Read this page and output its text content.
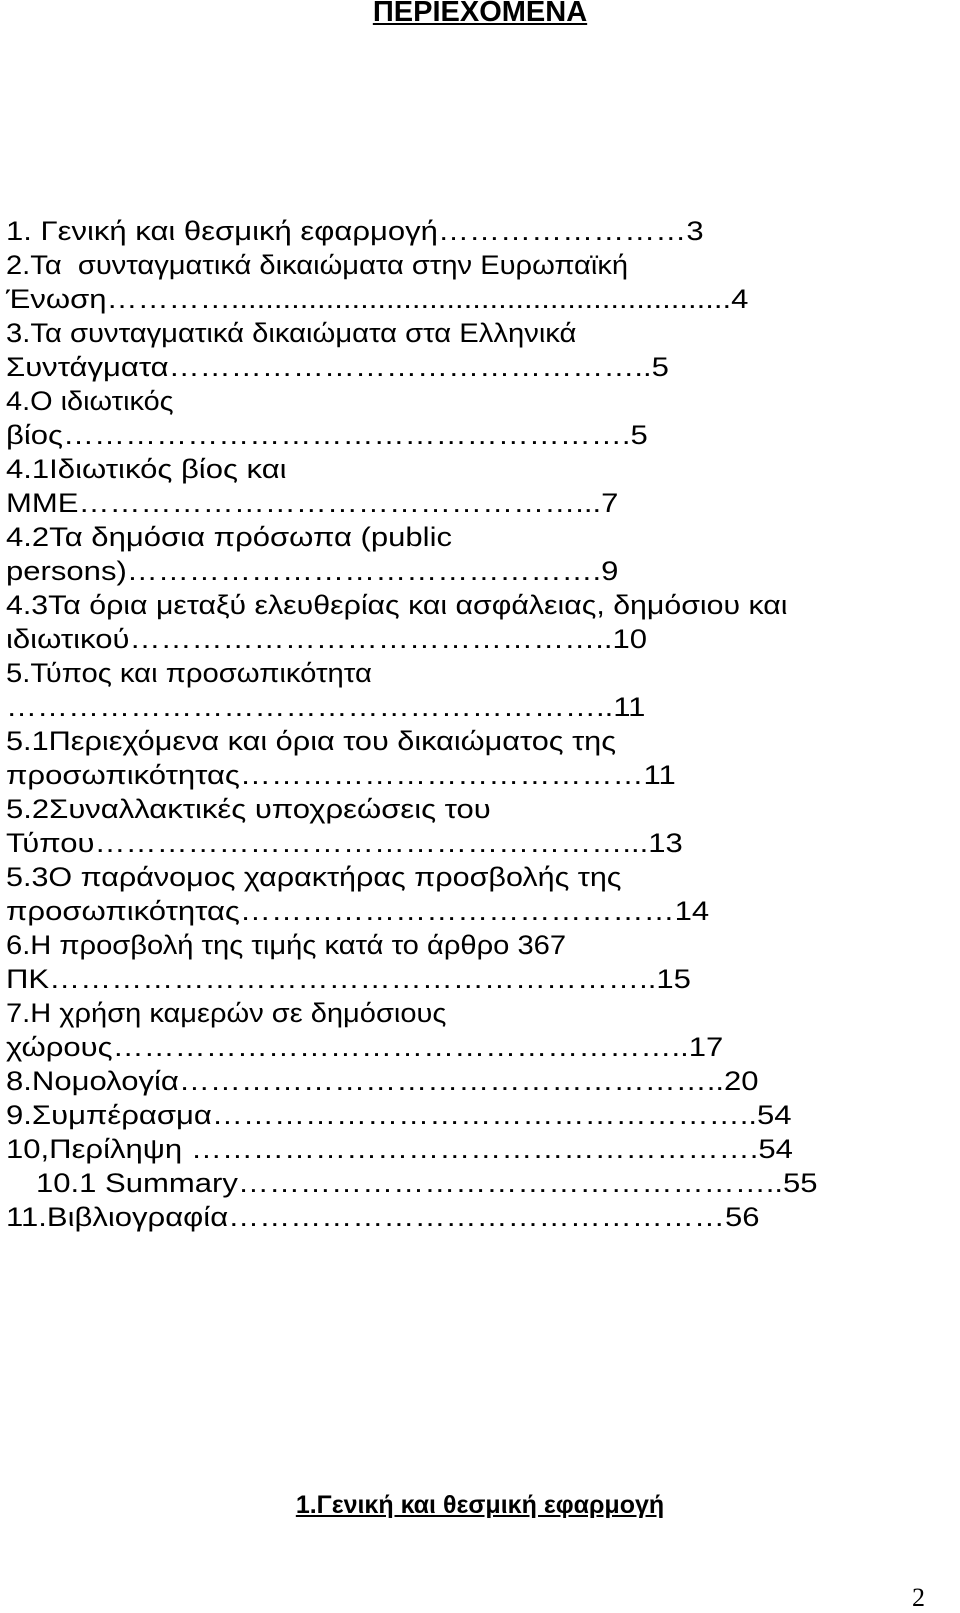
ΠΕΡΙΕΧΟΜΕΝΑ

1. Γενική και θεσμική εφαρμογή……………………3

2.Τα  συνταγματικά δικαιώματα στην Ευρωπαϊκή

Ένωση…………..........................................................4

3.Τα συνταγματικά δικαιώματα στα Ελληνικά

Συντάγματα………………………………………..5

4.Ο ιδιωτικός

βίος……………………………………………….5

4.1Ιδιωτικός βίος και

ΜΜΕ…………………………………………...7

4.2Τα δημόσια πρόσωπα (public

persons)……………………………………….9

4.3Τα όρια μεταξύ ελευθερίας και ασφάλειας, δημόσιου και

ιδιωτικού………………………………………..10

5.Τύπος και προσωπικότητα

…………………………………………………..11

5.1Περιεχόμενα και όρια του δικαιώματος της

προσωπικότητας…………………………………11

5.2Συναλλακτικές υποχρεώσεις του

Τύπου……………………………………………...13

5.3Ο παράνομος χαρακτήρας προσβολής της

προσωπικότητας……………………………………14

6.Η προσβολή της τιμής κατά το άρθρο 367

ΠΚ…………………………………………………..15

7.Η χρήση καμερών σε δημόσιους

χώρους………………………………………………..17

8.Νομολογία……………………………………………..20

9.Συμπέρασμα……………………………………………..54

10,Περίληψη ……………………………………………….54

10.1 Summary……………………………………………..55

11.Βιβλιογραφία…………………………………………56

1.Γενική και θεσμική εφαρμογή

2
